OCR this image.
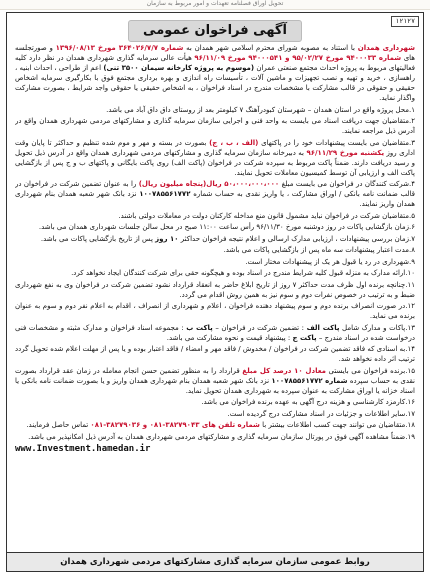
تحویل اوراق فصلنامه تعهدات و امور مربوط به سازمان
۱۲۱۲۷
آگهی فراخوان عمومی

شهرداری همدان با استناد به مصوبه شورای محترم اسلامی شهر همدان به شماره ۳۶۴۰۲۶/۷/۷ مورخ ۱۳۹۶/۰۸/۱۳ و صورتجلسه های شماره ۹۴۰۰۰۳۳ مورخ ۹۵/۰۲/۲۷ و ۹۴۰۰۰۵۴۱ مورخ ۹۶/۱۱/۰۹ هیأت عالی سرمایه گذاری شهرداری همدان در نظر دارد کلیه فعالیتهای مربوط به پروژه احداث مجتمع صنعتی عمران (موسوم به پروژه کارخانه سیمان ۳۵۰۰ تنی) اعم از طراحی ، احداث ابنیه ، راهسازی ، خرید و تهیه و نصب تجهیزات و ماشین آلات ، تأسیسات راه اندازی و بهره برداری مجتمع فوق با بکارگیری سرمایه اشخاص حقیقی و حقوقی در قالب مشارکت با مشخصات مندرج در اسناد فراخوان ، به اشخاص حقیقی یا حقوقی واجد شرایط ، بصورت مشارکت واگذار نماید.

۱.محل پروژه واقع در استان همدان – شهرستان کبودرآهنگ ۷ کیلومتر بعد از روستای داق داق آباد می باشد.

۲.متقاضیان جهت دریافت اسناد می بایست به واحد فنی و اجرایی سازمان سرمایه گذاری و مشارکتهای مردمی شهرداری همدان واقع در آدرس ذیل مراجعه نمایند.

۳.متقاضیان می بایست پیشنهادات خود را در پاکتهای (الف ، ب ، ج) بصورت در بسته و مهر و موم شده تنظیم و حداکثر تا پایان وقت اداری روز یکشنبه مورخ ۹۶/۱۱/۲۹ به دبیرخانه سازمان سرمایه گذاری و مشارکتهای مردمی شهرداری همدان واقع در آدرس ذیل تحویل و رسید دریافت دارند. ضمناً پاکت مربوط به سپرده شرکت در فراخوان (پاکت الف) روی پاکت بایگانی و پاکتهای ب و ج پس از بازگشایی پاکت الف و ارزیابی آن توسط کمیسیون معاملات تحویل نمایند.

۴.شرکت کنندگان در فراخوان می بایست مبلغ ۵۰،۰۰۰،۰۰۰،۰۰۰ ریال(پنجاه میلیون ریال) را به عنوان تضمین شرکت در فراخوان در قالب ضمانت نامه بانکی / اوراق مشارکت ، یا واریز نقدی به حساب شماره ۱۰۰۷۸۵۵۶۱۷۷۲ نزد بانک شهر شعبه همدان بنام شهرداری همدان واریز نمایند.

۵.متقاضیان شرکت در فراخوان نباید مشمول قانون منع مداخله کارکنان دولت در معاملات دولتی باشند.

۶.زمان بازگشایی پاکات در روز دوشنبه مورخ ۹۶/۱۱/۳۰ رأس ساعت ۱۱:۰۰ صبح در محل سالن جلسات شهرداری همدان می باشد.

۷.زمان بررسی پیشنهادات ، ارزیابی مدارک ارسالی و اعلام نتیجه فراخوان حداکثر ۱۰ روز پس از تاریخ بازگشایی پاکات می باشد.

۸.مدت اعتبار پیشنهادات سه ماه پس از بازگشایی پاکات می باشد.

۹.شهرداری در رد یا قبول هر یک از پیشنهادات مختار است.

۱۰.ارائه مدارک به منزله قبول کلیه شرایط مندرج در اسناد بوده و هیچگونه حقی برای شرکت کنندگان ایجاد نخواهد کرد.

۱۱.چنانچه برنده اول ظرف مدت حداکثر ۷ روز از تاریخ ابلاغ حاضر به انعقاد قرارداد نشود تضمین شرکت در فراخوان وی به نفع شهرداری ضبط و به ترتیب در خصوص نفرات دوم و سوم نیز به همین روش اقدام می گردد.

۱۲.در صورت انصراف برنده دوم و سوم پیشنهاد دهنده فراخوان ، اعلام و شهرداری از انصراف ، اقدام به اعلام نفر دوم و سوم به عنوان برنده می نماید.

۱۳.پاکات و مدارک شامل پاکت الف : تضمین شرکت در فراخوان – پاکت ب : مجموعه اسناد فراخوان و مدارک مثبته و مشخصات فنی درخواست شده در اسناد مندرج – پاکت ج : پیشنهاد قیمت و نحوه مشارکت می باشد.

۱۴.به اسنادی که فاقد تضمین شرکت در فراخوان / مخدوش / فاقد مهر و امضاء / فاقد اعتبار بوده و یا پس از مهلت اعلام شده تحویل گردد ترتیب اثر داده نخواهد شد.

۱۵.برنده فراخوان می بایستی معادل ۱۰ درصد کل مبلغ قرارداد را به منظور تضمین حسن انجام معامله در زمان عقد قرارداد بصورت نقدی به حساب سپرده شماره ۱۰۰۷۸۵۵۶۱۷۷۲ نزد بانک شهر شعبه همدان بنام شهرداری همدان واریز و یا بصورت ضمانت نامه بانکی یا اسناد خزانه یا اوراق مشارکت به عنوان سپرده به شهرداری همدان تحویل نماید.

۱۶.کارمزد کارشناسی و هزینه درج آگهی به عهده برنده فراخوان می باشد.

۱۷.سایر اطلاعات و جزئیات در اسناد مشارکت درج گردیده است.

۱۸.متقاضیان می توانند جهت کسب اطلاعات بیشتر با شماره تلفن های ۳۸۲۷۹۰۴۳-۰۸۱ و ۳۸۲۷۹۰۳۶-۰۸۱ تماس حاصل فرمایند.

۱۹.ضمناً مشاهده آگهی فوق در پورتال سازمان سرمایه گذاری و مشارکتهای مردمی شهرداری همدان به آدرس ذیل امکانپذیر می باشد.

www.Investment.hamedan.ir
روابط عمومی سازمان سرمایه گذاری مشارکتهای مردمی شهرداری همدان
